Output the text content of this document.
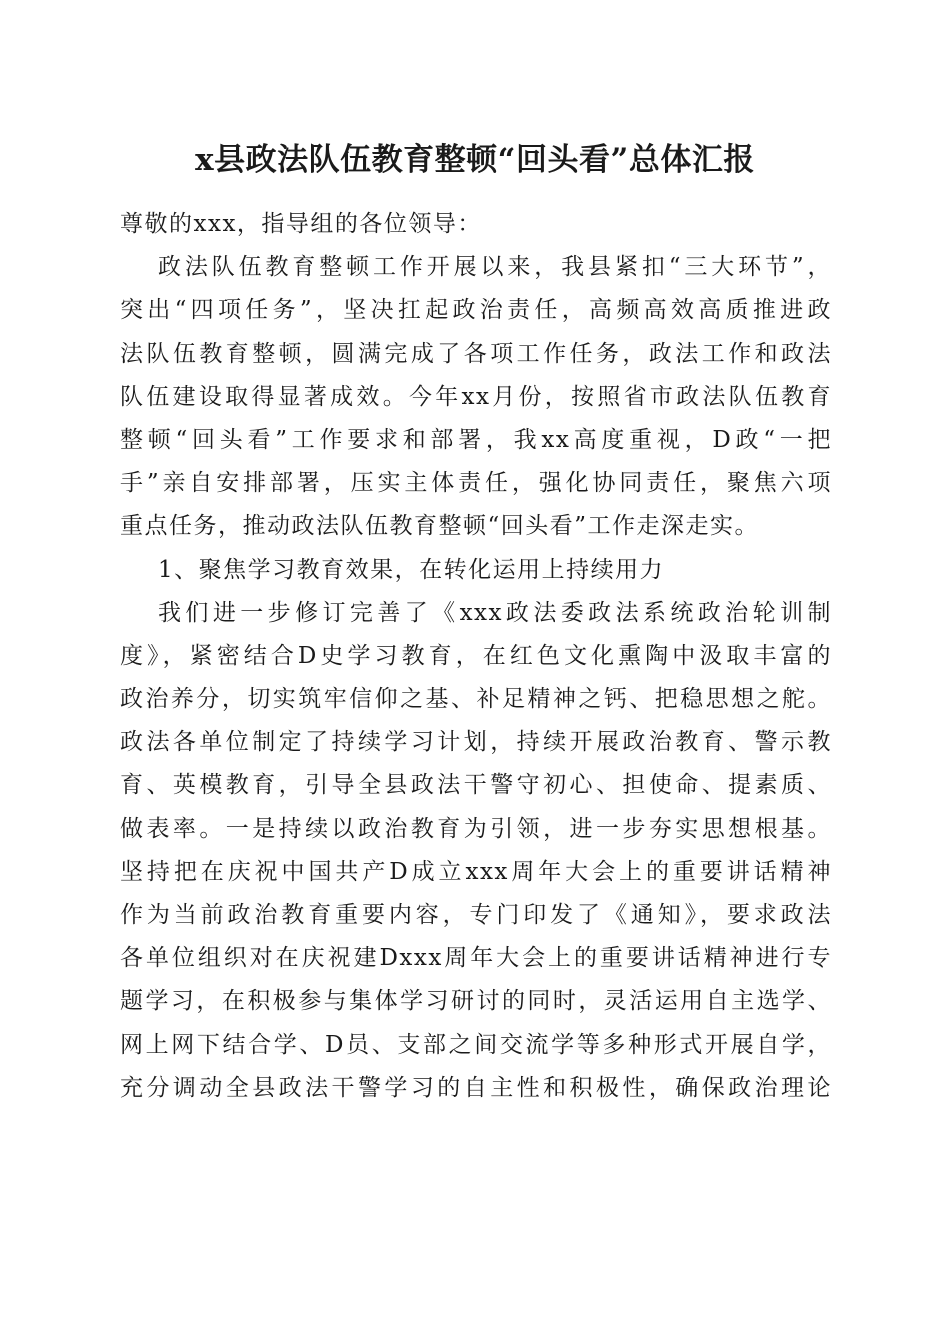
x县政法队伍教育整顿“回头看”总体汇报
尊敬的xxx，指导组的各位领导：
政法队伍教育整顿工作开展以来，我县紧扣“三大环节”，
突出“四项任务”，坚决扛起政治责任，高频高效高质推进政
法队伍教育整顿，圆满完成了各项工作任务，政法工作和政法
队伍建设取得显著成效。今年xx月份，按照省市政法队伍教育
整顿“回头看”工作要求和部署，我xx高度重视，D政“一把
手”亲自安排部署，压实主体责任，强化协同责任，聚焦六项
重点任务，推动政法队伍教育整顿“回头看”工作走深走实。
1、聚焦学习教育效果，在转化运用上持续用力
我们进一步修订完善了《xxx政法委政法系统政治轮训制
度》，紧密结合D史学习教育，在红色文化熏陶中汲取丰富的
政治养分，切实筑牢信仰之基、补足精神之钙、把稳思想之舵。
政法各单位制定了持续学习计划，持续开展政治教育、警示教
育、英模教育，引导全县政法干警守初心、担使命、提素质、
做表率。一是持续以政治教育为引领，进一步夯实思想根基。
坚持把在庆祝中国共产D成立xxx周年大会上的重要讲话精神
作为当前政治教育重要内容，专门印发了《通知》，要求政法
各单位组织对在庆祝建Dxxx周年大会上的重要讲话精神进行专
题学习，在积极参与集体学习研讨的同时，灵活运用自主选学、
网上网下结合学、D员、支部之间交流学等多种形式开展自学，
充分调动全县政法干警学习的自主性和积极性，确保政治理论
